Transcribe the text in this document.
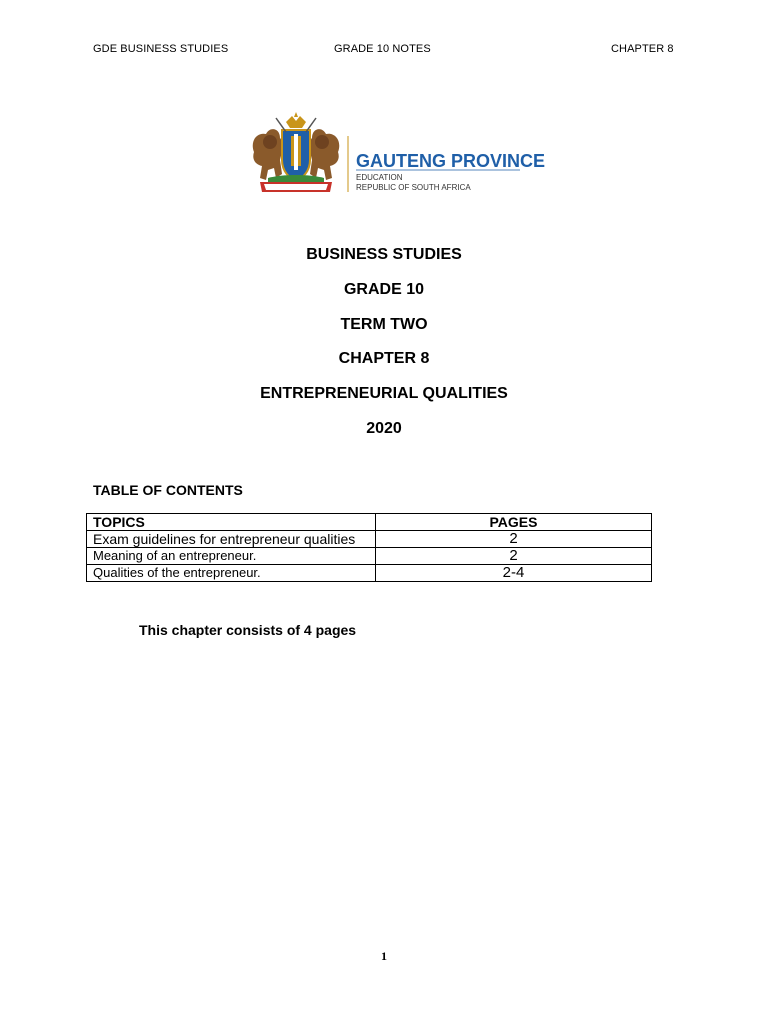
GDE BUSINESS STUDIES	GRADE 10 NOTES	CHAPTER 8
GAUTENG PROVINCE
EDUCATION
REPUBLIC OF SOUTH AFRICA
BUSINESS STUDIES
GRADE 10
TERM TWO
CHAPTER 8
ENTREPRENEURIAL QUALITIES
2020
TABLE OF CONTENTS
TOPICS	PAGES
Exam guidelines for entrepreneur qualities	2
Meaning of an entrepreneur.	2
Qualities of the entrepreneur.	2-4
This chapter consists of 4 pages
1
